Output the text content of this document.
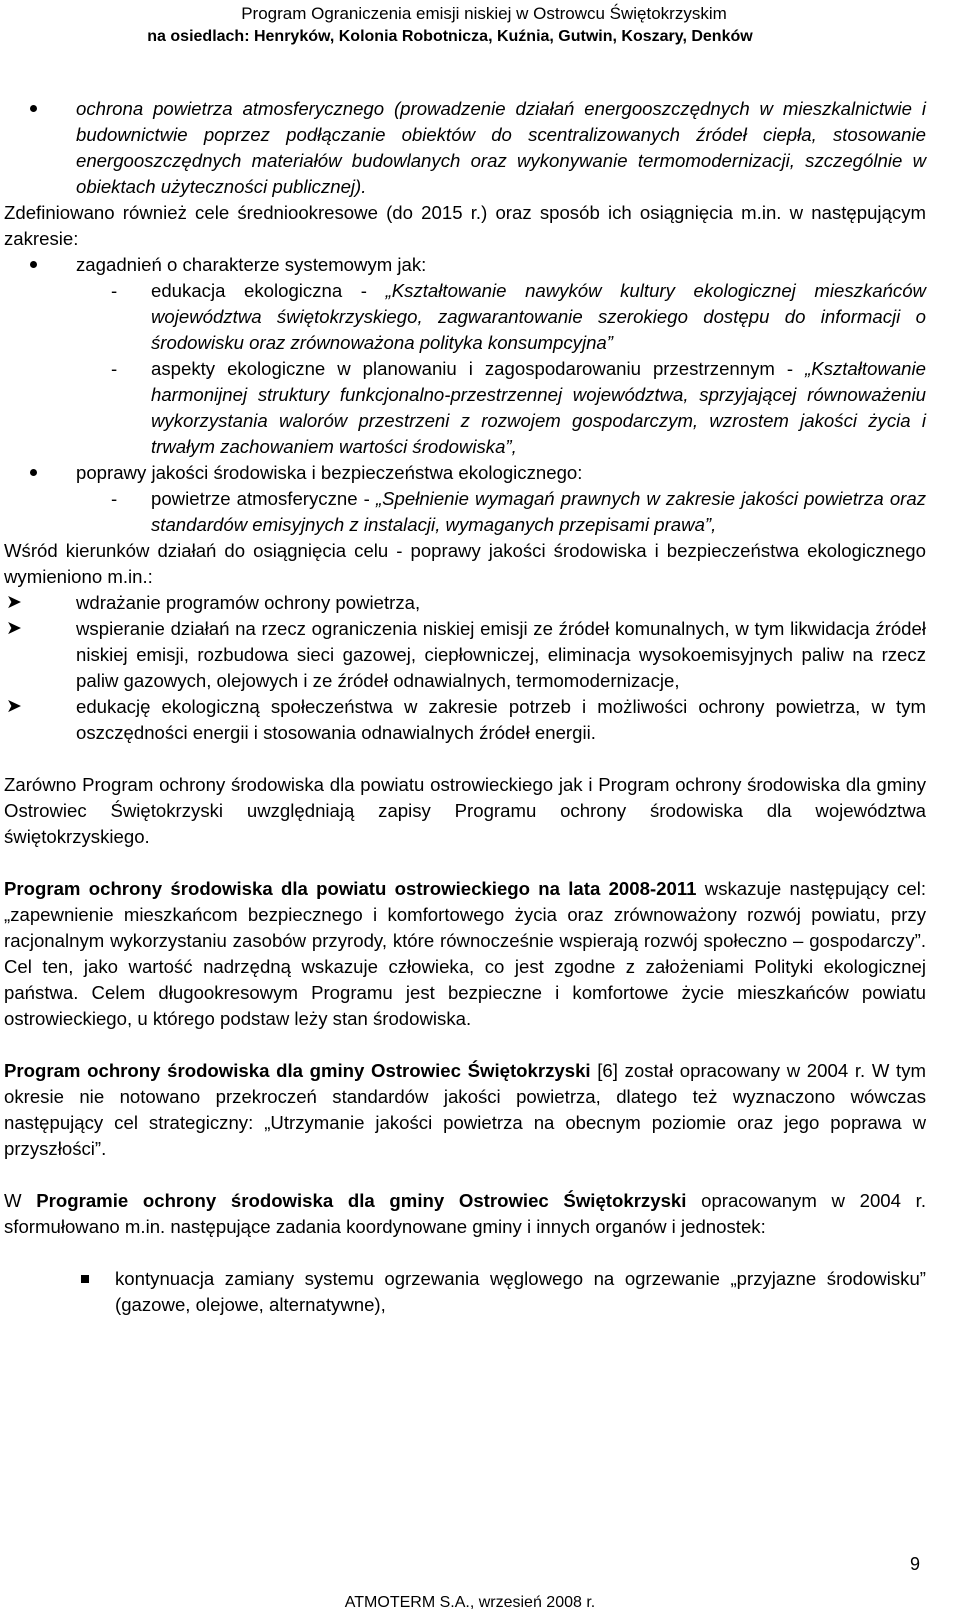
Program Ograniczenia emisji niskiej w Ostrowcu Świętokrzyskim
na osiedlach: Henryków, Kolonia Robotnicza, Kuźnia, Gutwin, Koszary, Denków
ochrona powietrza atmosferycznego (prowadzenie działań energooszczędnych w mieszkalnictwie i budownictwie poprzez podłączanie obiektów do scentralizowanych źródeł ciepła, stosowanie energooszczędnych materiałów budowlanych oraz wykonywanie termomodernizacji, szczególnie w obiektach użyteczności publicznej).

Zdefiniowano również cele średniookresowe (do 2015 r.) oraz sposób ich osiągnięcia m.in. w następującym zakresie:

zagadnień o charakterze systemowym jak:
- edukacja ekologiczna - „Kształtowanie nawyków kultury ekologicznej mieszkańców województwa świętokrzyskiego, zagwarantowanie szerokiego dostępu do informacji o środowisku oraz zrównoważona polityka konsumpcyjna”
- aspekty ekologiczne w planowaniu i zagospodarowaniu przestrzennym - „Kształtowanie harmonijnej struktury funkcjonalno-przestrzennej województwa, sprzyjającej równoważeniu wykorzystania walorów przestrzeni z rozwojem gospodarczym, wzrostem jakości życia i trwałym zachowaniem wartości środowiska”,
poprawy jakości środowiska i bezpieczeństwa ekologicznego:
- powietrze atmosferyczne - „Spełnienie wymagań prawnych w zakresie jakości powietrza oraz standardów emisyjnych z instalacji, wymaganych przepisami prawa”,

Wśród kierunków działań do osiągnięcia celu - poprawy jakości środowiska i bezpieczeństwa ekologicznego wymieniono m.in.:

➤	wdrażanie programów ochrony powietrza,
➤	wspieranie działań na rzecz ograniczenia niskiej emisji ze źródeł komunalnych, w tym likwidacja źródeł niskiej emisji, rozbudowa sieci gazowej, ciepłowniczej, eliminacja wysokoemisyjnych paliw na rzecz paliw gazowych, olejowych i ze źródeł odnawialnych, termomodernizacje,
➤	edukację ekologiczną społeczeństwa w zakresie potrzeb i możliwości ochrony powietrza, w tym oszczędności energii i stosowania odnawialnych źródeł energii.

Zarówno Program ochrony środowiska dla powiatu ostrowieckiego jak i Program ochrony środowiska dla gminy Ostrowiec Świętokrzyski uwzględniają zapisy Programu ochrony środowiska dla województwa świętokrzyskiego.

Program ochrony środowiska dla powiatu ostrowieckiego na lata 2008-2011 wskazuje następujący cel: „zapewnienie mieszkańcom bezpiecznego i komfortowego życia oraz zrównoważony rozwój powiatu, przy racjonalnym wykorzystaniu zasobów przyrody, które równocześnie wspierają rozwój społeczno – gospodarczy”. Cel ten, jako wartość nadrzędną wskazuje człowieka, co jest zgodne z założeniami Polityki ekologicznej państwa. Celem długookresowym Programu jest bezpieczne i komfortowe życie mieszkańców powiatu ostrowieckiego, u którego podstaw leży stan środowiska.

Program ochrony środowiska dla gminy Ostrowiec Świętokrzyski [6] został opracowany w 2004 r. W tym okresie nie notowano przekroczeń standardów jakości powietrza, dlatego też wyznaczono wówczas następujący cel strategiczny: „Utrzymanie jakości powietrza na obecnym poziomie oraz jego poprawa w przyszłości”.

W Programie ochrony środowiska dla gminy Ostrowiec Świętokrzyski opracowanym w 2004 r. sformułowano m.in. następujące zadania koordynowane gminy i innych organów i jednostek:

kontynuacja zamiany systemu ogrzewania węglowego na ogrzewanie „przyjazne środowisku” (gazowe, olejowe, alternatywne),
9
ATMOTERM S.A., wrzesień 2008 r.
